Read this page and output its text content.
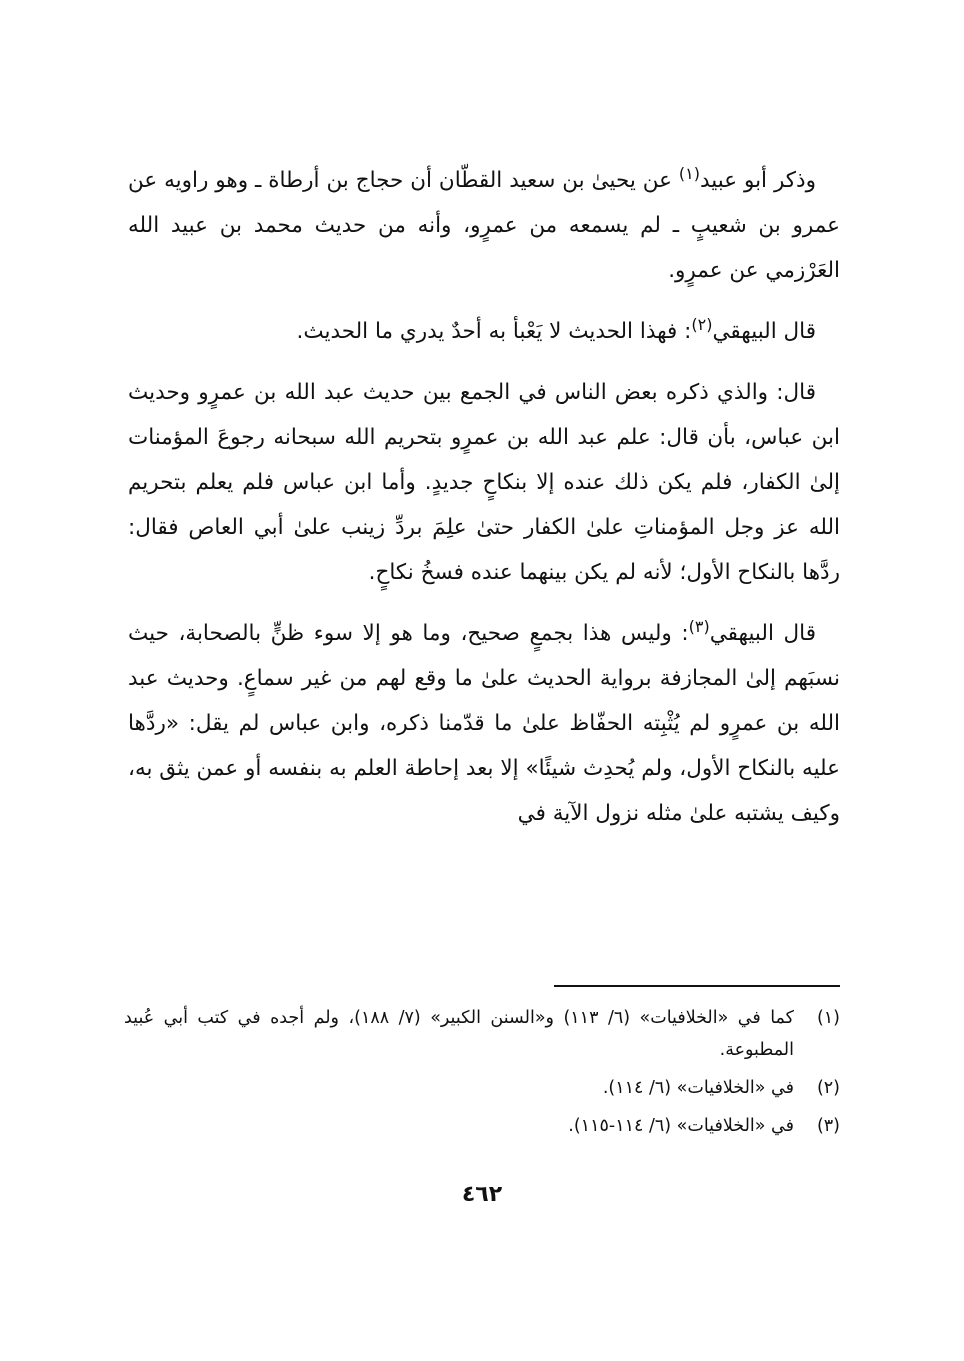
وذكر أبو عبيد$^{(١)}$ عن يحيىٰ بن سعيد القطّان أن حجاج بن أرطاة ـ وهو راويه عن عمرو بن شعيبٍ ـ لم يسمعه من عمرٍو، وأنه من حديث محمد بن عبيد الله العَرْزمي عن عمرٍو.

قال البيهقي$^{(٢)}$: فهذا الحديث لا يَعْبأ به أحدٌ يدري ما الحديث.

قال: والذي ذكره بعض الناس في الجمع بين حديث عبد الله بن عمرٍو وحديث ابن عباس، بأن قال: علم عبد الله بن عمرٍو بتحريم الله سبحانه رجوعَ المؤمنات إلىٰ الكفار، فلم يكن ذلك عنده إلا بنكاحٍ جديدٍ. وأما ابن عباس فلم يعلم بتحريم الله عز وجل المؤمناتِ علىٰ الكفار حتىٰ علِمَ بردِّ زينب علىٰ أبي العاص فقال: ردَّها بالنكاح الأول؛ لأنه لم يكن بينهما عنده فسخُ نكاحٍ.

قال البيهقي$^{(٣)}$: وليس هذا بجمعٍ صحيح، وما هو إلا سوء ظنٍّ بالصحابة، حيث نسبَهم إلىٰ المجازفة برواية الحديث علىٰ ما وقع لهم من غير سماعٍ. وحديث عبد الله بن عمرٍو لم يُثْبِته الحفّاظ علىٰ ما قدّمنا ذكره، وابن عباس لم يقل: «ردَّها عليه بالنكاح الأول، ولم يُحدِث شيئًا» إلا بعد إحاطة العلم به بنفسه أو عمن يثق به، وكيف يشتبه علىٰ مثله نزول الآية في

(١)
كما في «الخلافيات» (٦/ ١١٣) و«السنن الكبير» (٧/ ١٨٨)، ولم أجده في كتب أبي عُبيد المطبوعة.
(٢)
في «الخلافيات» (٦/ ١١٤).
(٣)
في «الخلافيات» (٦/ ١١٤-١١٥).
٤٦٢
